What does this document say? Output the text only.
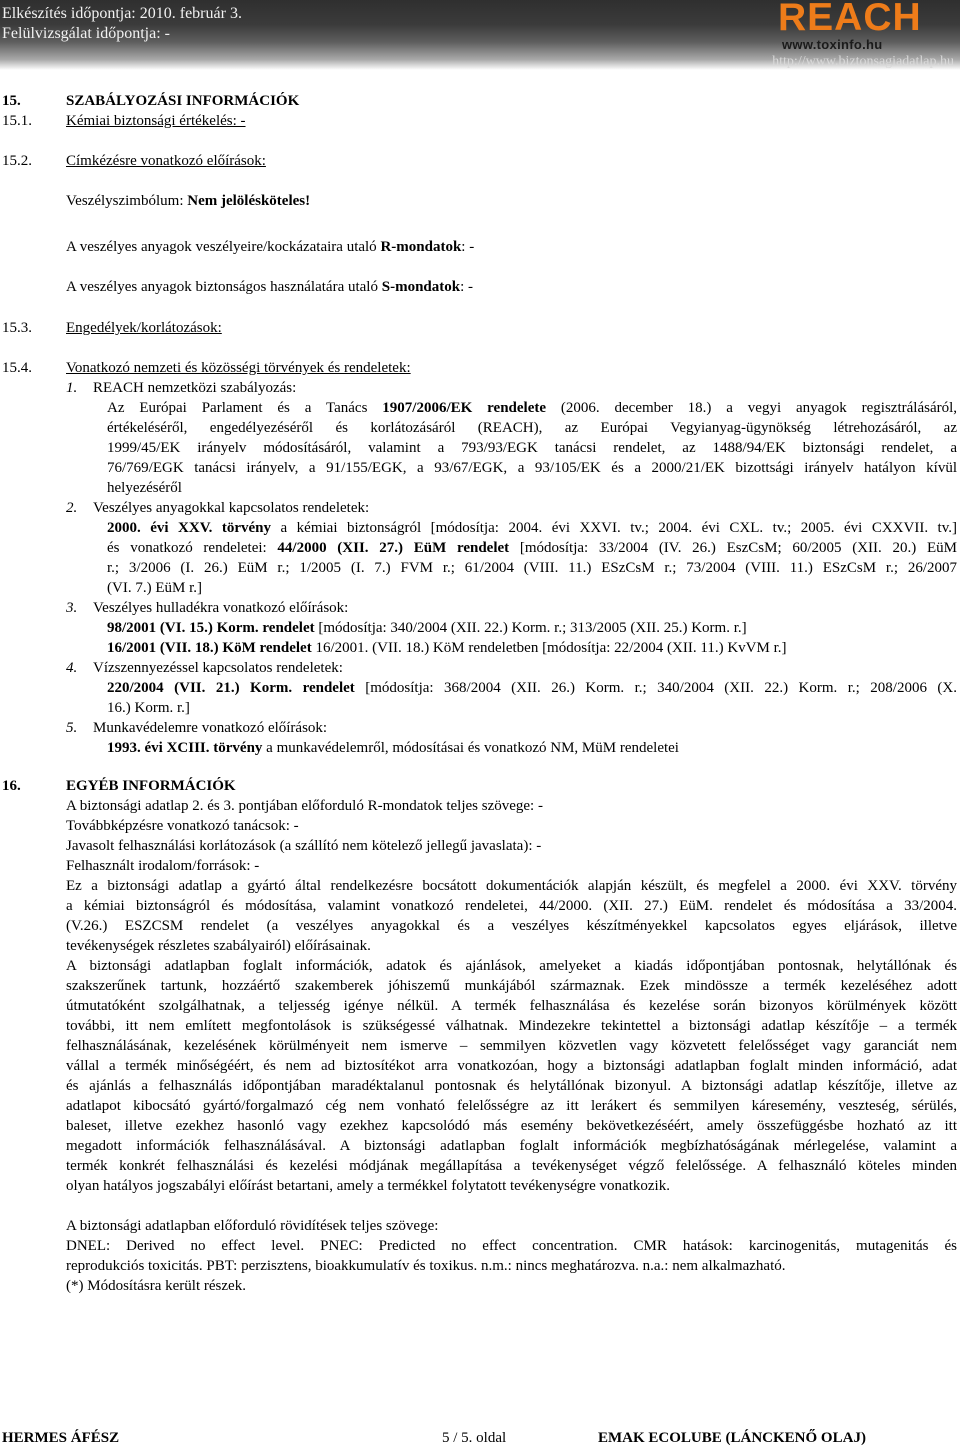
Elkészítés időpontja: 2010. február 3.
Felülvizsgálat időpontja: -	REACH
www.toxinfo.hu
http://www.biztonsagiadatlap.hu
15.	SZABÁLYOZÁSI INFORMÁCIÓK
15.1. Kémiai biztonsági értékelés: -
15.2. Címkézésre vonatkozó előírások:
Veszélyszimbólum: Nem jelölésköteles!
A veszélyes anyagok veszélyeire/kockázataira utaló R-mondatok: -
A veszélyes anyagok biztonságos használatára utaló S-mondatok: -
15.3. Engedélyek/korlátozások:
15.4. Vonatkozó nemzeti és közösségi törvények és rendeletek:
1. REACH nemzetközi szabályozás:
Az Európai Parlament és a Tanács 1907/2006/EK rendelete (2006. december 18.) a vegyi anyagok regisztrálásáról,
értékeléséről, engedélyezéséről és korlátozásáról (REACH), az Európai Vegyianyag-ügynökség létrehozásáról, az
1999/45/EK irányelv módosításáról, valamint a 793/93/EGK tanácsi rendelet, az 1488/94/EK biztonsági rendelet, a
76/769/EGK tanácsi irányelv, a 91/155/EGK, a 93/67/EGK, a 93/105/EK és a 2000/21/EK bizottsági irányelv hatályon kívül
helyezéséről
2. Veszélyes anyagokkal kapcsolatos rendeletek:
2000. évi XXV. törvény a kémiai biztonságról [módosítja: 2004. évi XXVI. tv.; 2004. évi CXL. tv.; 2005. évi CXXVII. tv.]
és vonatkozó rendeletei: 44/2000 (XII. 27.) EüM rendelet [módosítja: 33/2004 (IV. 26.) EszCsM; 60/2005 (XII. 20.) EüM
r.; 3/2006 (I. 26.) EüM r.; 1/2005 (I. 7.) FVM r.; 61/2004 (VIII. 11.) ESzCsM r.; 73/2004 (VIII. 11.) ESzCsM r.; 26/2007
(VI. 7.) EüM r.]
3. Veszélyes hulladékra vonatkozó előírások:
98/2001 (VI. 15.) Korm. rendelet [módosítja: 340/2004 (XII. 22.) Korm. r.; 313/2005 (XII. 25.) Korm. r.]
16/2001 (VII. 18.) KöM rendelet 16/2001. (VII. 18.) KöM rendeletben [módosítja: 22/2004 (XII. 11.) KvVM r.]
4. Vízszennyezéssel kapcsolatos rendeletek:
220/2004 (VII. 21.) Korm. rendelet [módosítja: 368/2004 (XII. 26.) Korm. r.; 340/2004 (XII. 22.) Korm. r.; 208/2006 (X.
16.) Korm. r.]
5. Munkavédelemre vonatkozó előírások:
1993. évi XCIII. törvény a munkavédelemről, módosításai és vonatkozó NM, MüM rendeletei
16.	EGYÉB INFORMÁCIÓK
A biztonsági adatlap 2. és 3. pontjában előforduló R-mondatok teljes szövege: -
Továbbképzésre vonatkozó tanácsok: -
Javasolt felhasználási korlátozások (a szállító nem kötelező jellegű javaslata): -
Felhasznált irodalom/források: -
Ez a biztonsági adatlap a gyártó által rendelkezésre bocsátott dokumentációk alapján készült, és megfelel a 2000. évi XXV. törvény
a kémiai biztonságról és módosítása, valamint vonatkozó rendeletei, 44/2000. (XII. 27.) EüM. rendelet és módosítása a 33/2004.
(V.26.) ESZCSM rendelet (a veszélyes anyagokkal és a veszélyes készítményekkel kapcsolatos egyes eljárások, illetve
tevékenységek részletes szabályairól) előírásainak.
A biztonsági adatlapban foglalt információk, adatok és ajánlások, amelyeket a kiadás időpontjában pontosnak, helytállónak és
szakszerűnek tartunk, hozzáértő szakemberek jóhiszemű munkájából származnak. Ezek mindössze a termék kezeléséhez adott
útmutatóként szolgálhatnak, a teljesség igénye nélkül. A termék felhasználása és kezelése során bizonyos körülmények között
további, itt nem említett megfontolások is szükségessé válhatnak. Mindezekre tekintettel a biztonsági adatlap készítője – a termék
felhasználásának, kezelésének körülményeit nem ismerve – semmilyen közvetlen vagy közvetett felelősséget vagy garanciát nem
vállal a termék minőségéért, és nem ad biztosítékot arra vonatkozóan, hogy a biztonsági adatlapban foglalt minden információ, adat
és ajánlás a felhasználás időpontjában maradéktalanul pontosnak és helytállónak bizonyul. A biztonsági adatlap készítője, illetve az
adatlapot kibocsátó gyártó/forgalmazó cég nem vonható felelősségre az itt lerákert és semmilyen káresemény, veszteség, sérülés,
baleset, illetve ezekhez hasonló vagy ezekhez kapcsolódó más esemény bekövetkezéséért, amely összefüggésbe hozható az itt
megadott információk felhasználásával. A biztonsági adatlapban foglalt információk megbízhatóságának mérlegelése, valamint a
termék konkrét felhasználási és kezelési módjának megállapítása a tevékenységet végző felelőssége. A felhasználó köteles minden
olyan hatályos jogszabályi előírást betartani, amely a termékkel folytatott tevékenységre vonatkozik.
A biztonsági adatlapban előforduló rövidítések teljes szövege:
DNEL: Derived no effect level. PNEC: Predicted no effect concentration. CMR hatások: karcinogenitás, mutagenitás és
reprodukciós toxicitás. PBT: perzisztens, bioakkumulatív és toxikus. n.m.: nincs meghatározva. n.a.: nem alkalmazható.
(*) Módosításra került részek.
HERMES ÁFÉSZ	5 / 5. oldal	EMAK ECOLUBE (LÁNCKENŐ OLAJ)
